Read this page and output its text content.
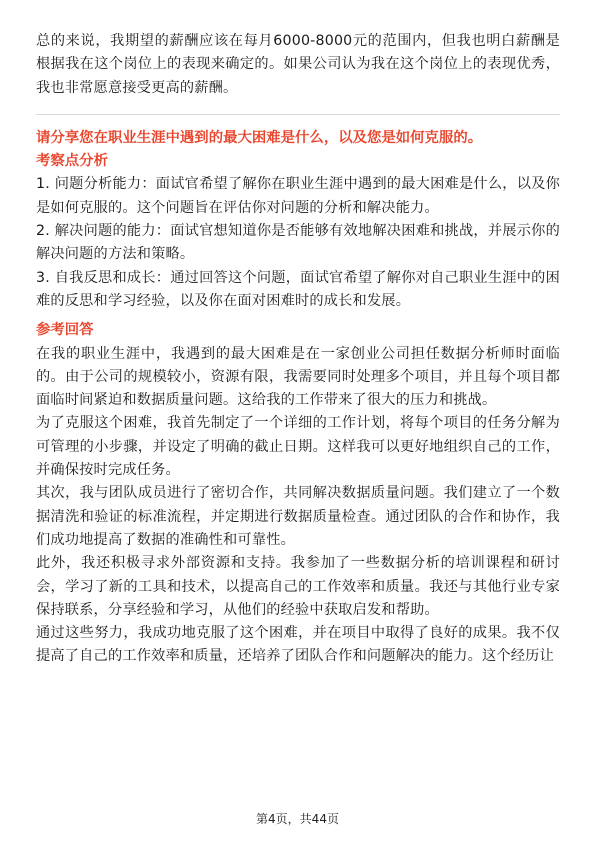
总的来说，我期望的薪酬应该在每月6000-8000元的范围内，但我也明白薪酬是根据我在这个岗位上的表现来确定的。如果公司认为我在这个岗位上的表现优秀，我也非常愿意接受更高的薪酬。

请分享您在职业生涯中遇到的最大困难是什么，以及您是如何克服的。
考察点分析

1. 问题分析能力：面试官希望了解你在职业生涯中遇到的最大困难是什么，以及你是如何克服的。这个问题旨在评估你对问题的分析和解决能力。

2. 解决问题的能力：面试官想知道你是否能够有效地解决困难和挑战，并展示你的解决问题的方法和策略。

3. 自我反思和成长：通过回答这个问题，面试官希望了解你对自己职业生涯中的困难的反思和学习经验，以及你在面对困难时的成长和发展。

参考回答

在我的职业生涯中，我遇到的最大困难是在一家创业公司担任数据分析师时面临的。由于公司的规模较小，资源有限，我需要同时处理多个项目，并且每个项目都面临时间紧迫和数据质量问题。这给我的工作带来了很大的压力和挑战。

为了克服这个困难，我首先制定了一个详细的工作计划，将每个项目的任务分解为可管理的小步骤，并设定了明确的截止日期。这样我可以更好地组织自己的工作，并确保按时完成任务。

其次，我与团队成员进行了密切合作，共同解决数据质量问题。我们建立了一个数据清洗和验证的标准流程，并定期进行数据质量检查。通过团队的合作和协作，我们成功地提高了数据的准确性和可靠性。

此外，我还积极寻求外部资源和支持。我参加了一些数据分析的培训课程和研讨会，学习了新的工具和技术，以提高自己的工作效率和质量。我还与其他行业专家保持联系，分享经验和学习，从他们的经验中获取启发和帮助。

通过这些努力，我成功地克服了这个困难，并在项目中取得了良好的成果。我不仅提高了自己的工作效率和质量，还培养了团队合作和问题解决的能力。这个经历让

第4页，共44页
